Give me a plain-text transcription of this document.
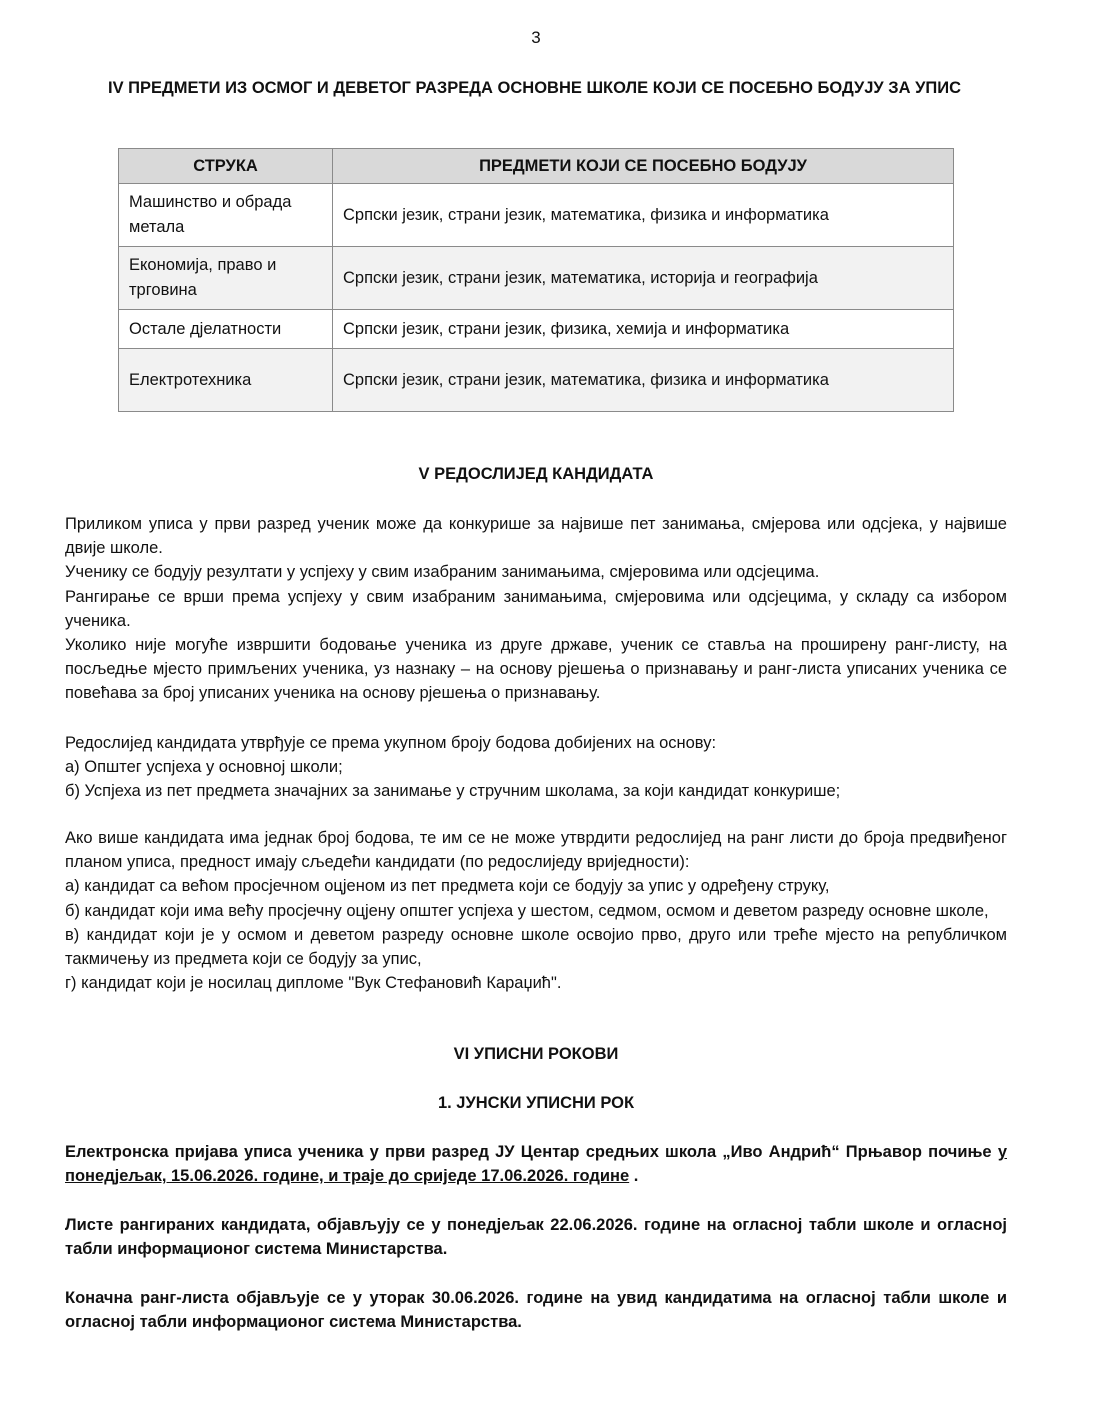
3
IV ПРЕДМЕТИ ИЗ ОСМОГ И ДЕВЕТОГ РАЗРЕДА ОСНОВНЕ ШКОЛЕ КОЈИ СЕ ПОСЕБНО БОДУЈУ ЗА УПИС
СТРУКА	ПРЕДМЕТИ КОЈИ СЕ ПОСЕБНО БОДУЈУ
Машинство и обрада метала	Српски језик, страни језик, математика, физика и информатика
Економија, право и трговина	Српски језик, страни језик, математика, историја и географија
Остале дјелатности	Српски језик, страни језик, физика, хемија и информатика
Електротехника	Српски језик, страни језик, математика, физика и информатика
V РЕДОСЛИЈЕД КАНДИДАТА

Приликом уписа у први разред ученик може да конкурише за највише пет занимања, смјерова или одсјека, у највише двије школе.

Ученику се бодују резултати у успјеху у свим изабраним занимањима, смјеровима или одсјецима.

Рангирање се врши према успјеху у свим изабраним занимањима, смјеровима или одсјецима, у складу са избором ученика.

Уколико није могуће извршити бодовање ученика из друге државе, ученик се ставља на проширену ранг-листу, на посљедње мјесто примљених ученика, уз назнаку – на основу рјешења о признавању и ранг-листа уписаних ученика се повећава за број уписаних ученика на основу рјешења о признавању.

Редослијед кандидата утврђује се према укупном броју бодова добијених на основу:

а) Општег успјеха у основној школи;

б) Успјеха из пет предмета значајних за занимање у стручним школама, за који кандидат конкурише;

Ако више кандидата има једнак број бодова, те им се не може утврдити редослијед на ранг листи до броја предвиђеног планом уписа, предност имају сљедећи кандидати (по редослиједу вриједности):

а) кандидат са већом просјечном оцјеном из пет предмета који се бодују за упис у одређену струку,

б) кандидат који има већу просјечну оцјену општег успјеха у шестом, седмом, осмом и деветом разреду основне школе,

в) кандидат који је у осмом и деветом разреду основне школе освојио прво, друго или треће мјесто на републичком такмичењу из предмета који се бодују за упис,

г) кандидат који је носилац дипломе "Вук Стефановић Караџић".

VI УПИСНИ РОКОВИ
1. ЈУНСКИ УПИСНИ РОК

Електронска пријава уписа ученика у први разред ЈУ Центар средњих школа „Иво Андрић“ Прњавор почиње у понедјељак, 15.06.2026. године, и траје до сриједе 17.06.2026. године .

Листе рангираних кандидата, објављују се у понедјељак 22.06.2026. године на огласној табли школе и огласној табли информационог система Министарства.

Коначна ранг-листа објављује се у уторак 30.06.2026. године на увид кандидатима на огласној табли школе и огласној табли информационог система Министарства.
